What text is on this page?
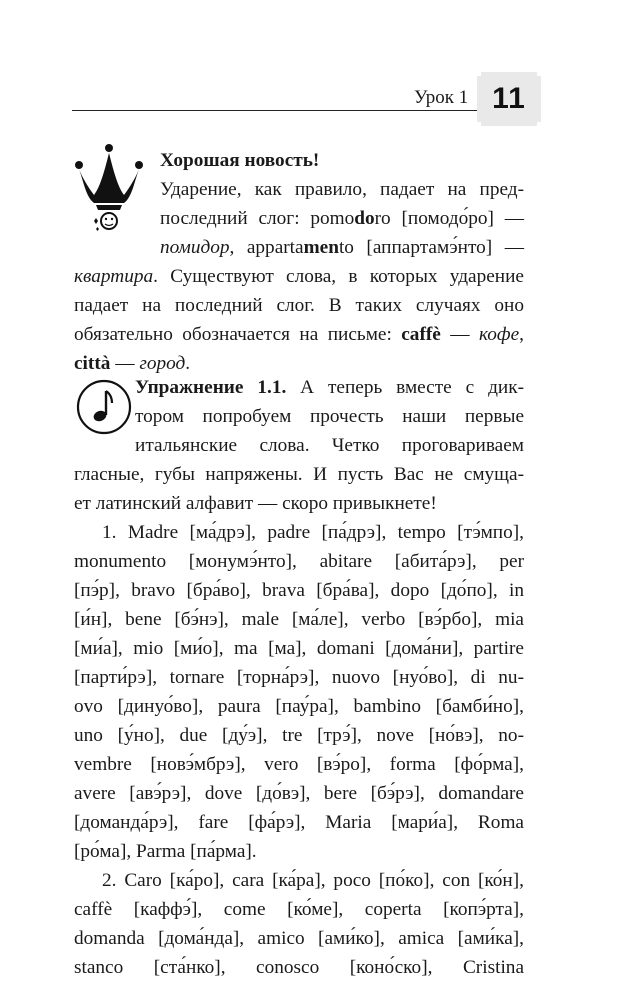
Урок 1 11
Хорошая новость!
Ударение, как правило, падает на пред-
последний слог: pomodoro [помодо́ро] —
помидор, appartamento [аппартамэ́нто] —
квартира. Существуют слова, в которых ударение
падает на последний слог. В таких случаях оно
обязательно обозначается на письме: caffè — кофе,
città — город.
Упражнение 1.1. А теперь вместе с дик-
тором попробуем прочесть наши первые
итальянские слова. Четко проговариваем
гласные, губы напряжены. И пусть Вас не смуща-
ет латинский алфавит — скоро привыкнете!
1. Madre [ма́дрэ], padre [па́дрэ], tempo [тэ́мпо],
monumento [монумэ́нто], abitare [абита́рэ], per
[пэ́р], bravo [бра́во], brava [бра́ва], dopo [до́по], in
[и́н], bene [бэ́нэ], male [ма́ле], verbo [вэ́рбо], mia
[ми́а], mio [ми́о], ma [ма], domani [дома́ни], partire
[парти́рэ], tornare [торна́рэ], nuovo [нуо́во], di nu-
ovo [динуо́во], paura [пау́ра], bambino [бамби́но],
uno [у́но], due [ду́э], tre [трэ́], nove [но́вэ], no-
vembre [новэ́мбрэ], vero [вэ́ро], forma [фо́рма],
avere [авэ́рэ], dove [до́вэ], bere [бэ́рэ], domandare
[доманда́рэ], fare [фа́рэ], Maria [мари́а], Roma
[ро́ма], Parma [па́рма].
2. Caro [ка́ро], cara [ка́ра], poco [по́ко], con [ко́н],
caffè [каффэ́], come [ко́ме], coperta [копэ́рта],
domanda [дома́нда], amico [ами́ко], amica [ами́ка],
stanco [ста́нко], conosco [коно́ско], Cristina
